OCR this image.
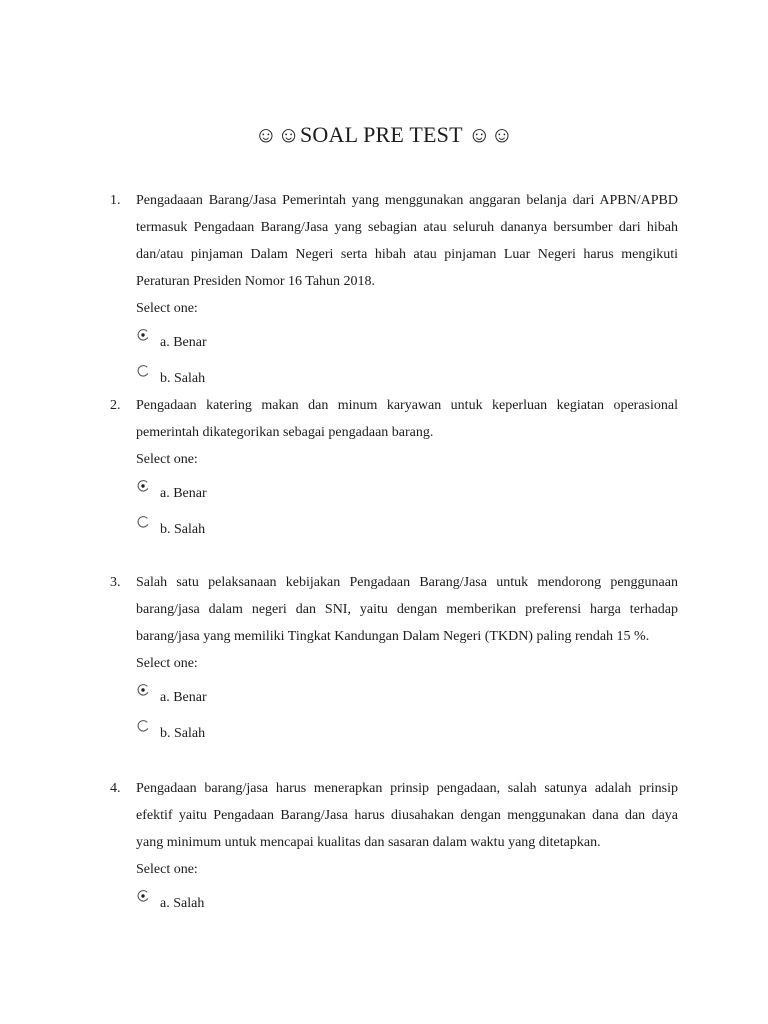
☺☺SOAL PRE TEST ☺☺
1. Pengadaaan Barang/Jasa Pemerintah yang menggunakan anggaran belanja dari APBN/APBD termasuk Pengadaan Barang/Jasa yang sebagian atau seluruh dananya bersumber dari hibah dan/atau pinjaman Dalam Negeri serta hibah atau pinjaman Luar Negeri harus mengikuti Peraturan Presiden Nomor 16 Tahun 2018.
Select one:
a. Benar
b. Salah
2. Pengadaan katering makan dan minum karyawan untuk keperluan kegiatan operasional pemerintah dikategorikan sebagai pengadaan barang.
Select one:
a. Benar
b. Salah
3. Salah satu pelaksanaan kebijakan Pengadaan Barang/Jasa untuk mendorong penggunaan barang/jasa dalam negeri dan SNI, yaitu dengan memberikan preferensi harga terhadap barang/jasa yang memiliki Tingkat Kandungan Dalam Negeri (TKDN) paling rendah 15 %.
Select one:
a. Benar
b. Salah
4. Pengadaan barang/jasa harus menerapkan prinsip pengadaan, salah satunya adalah prinsip efektif yaitu Pengadaan Barang/Jasa harus diusahakan dengan menggunakan dana dan daya yang minimum untuk mencapai kualitas dan sasaran dalam waktu yang ditetapkan.
Select one:
a. Salah
